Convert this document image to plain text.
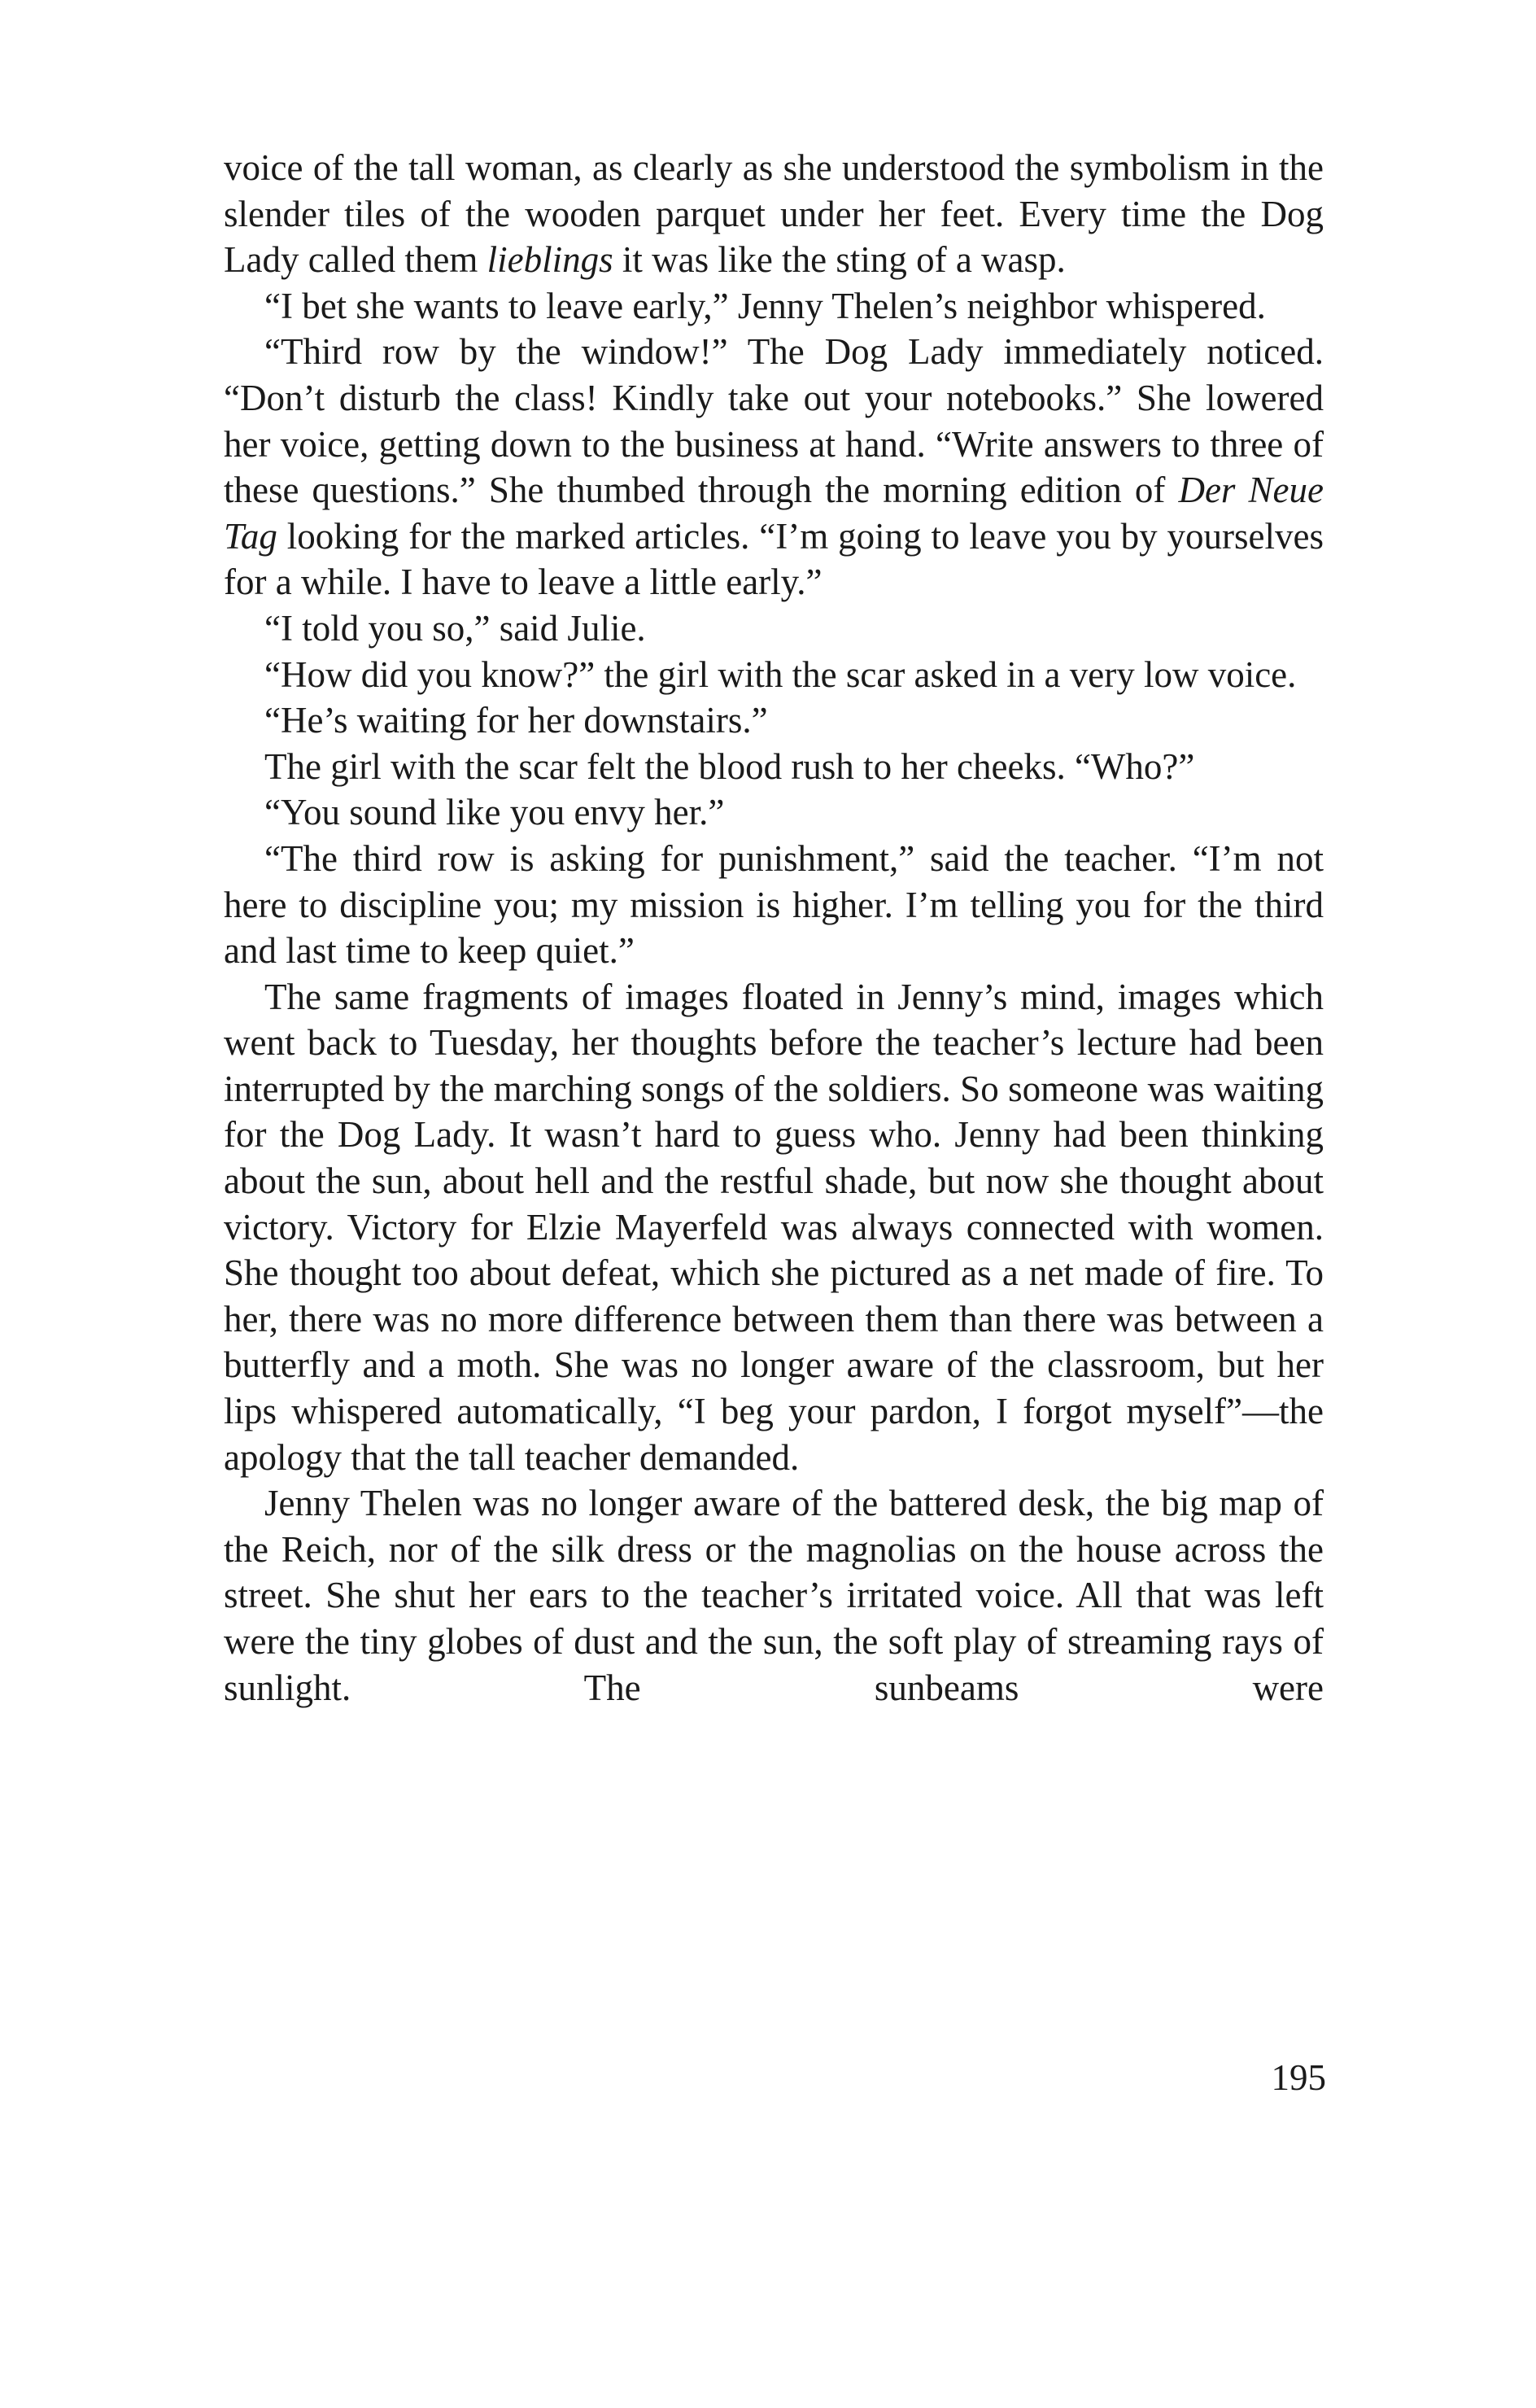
voice of the tall woman, as clearly as she understood the symbolism in the slender tiles of the wooden parquet under her feet. Every time the Dog Lady called them lieblings it was like the sting of a wasp.

“I bet she wants to leave early,” Jenny Thelen’s neighbor whispered.

“Third row by the window!” The Dog Lady immediately noticed. “Don’t disturb the class! Kindly take out your notebooks.” She lowered her voice, getting down to the business at hand. “Write answers to three of these questions.” She thumbed through the morning edition of Der Neue Tag looking for the marked articles. “I’m going to leave you by yourselves for a while. I have to leave a little early.”

“I told you so,” said Julie.

“How did you know?” the girl with the scar asked in a very low voice.

“He’s waiting for her downstairs.”

The girl with the scar felt the blood rush to her cheeks. “Who?”

“You sound like you envy her.”

“The third row is asking for punishment,” said the teacher. “I’m not here to discipline you; my mission is higher. I’m telling you for the third and last time to keep quiet.”

The same fragments of images floated in Jenny’s mind, images which went back to Tuesday, her thoughts before the teacher’s lecture had been interrupted by the marching songs of the soldiers. So someone was waiting for the Dog Lady. It wasn’t hard to guess who. Jenny had been thinking about the sun, about hell and the restful shade, but now she thought about victory. Victory for Elzie Mayerfeld was always connected with women. She thought too about defeat, which she pictured as a net made of fire. To her, there was no more difference between them than there was between a butterfly and a moth. She was no longer aware of the classroom, but her lips whispered automatically, “I beg your pardon, I forgot myself”—the apology that the tall teacher demanded.

Jenny Thelen was no longer aware of the battered desk, the big map of the Reich, nor of the silk dress or the magnolias on the house across the street. She shut her ears to the teacher’s irritated voice. All that was left were the tiny globes of dust and the sun, the soft play of streaming rays of sunlight. The sunbeams were

195
